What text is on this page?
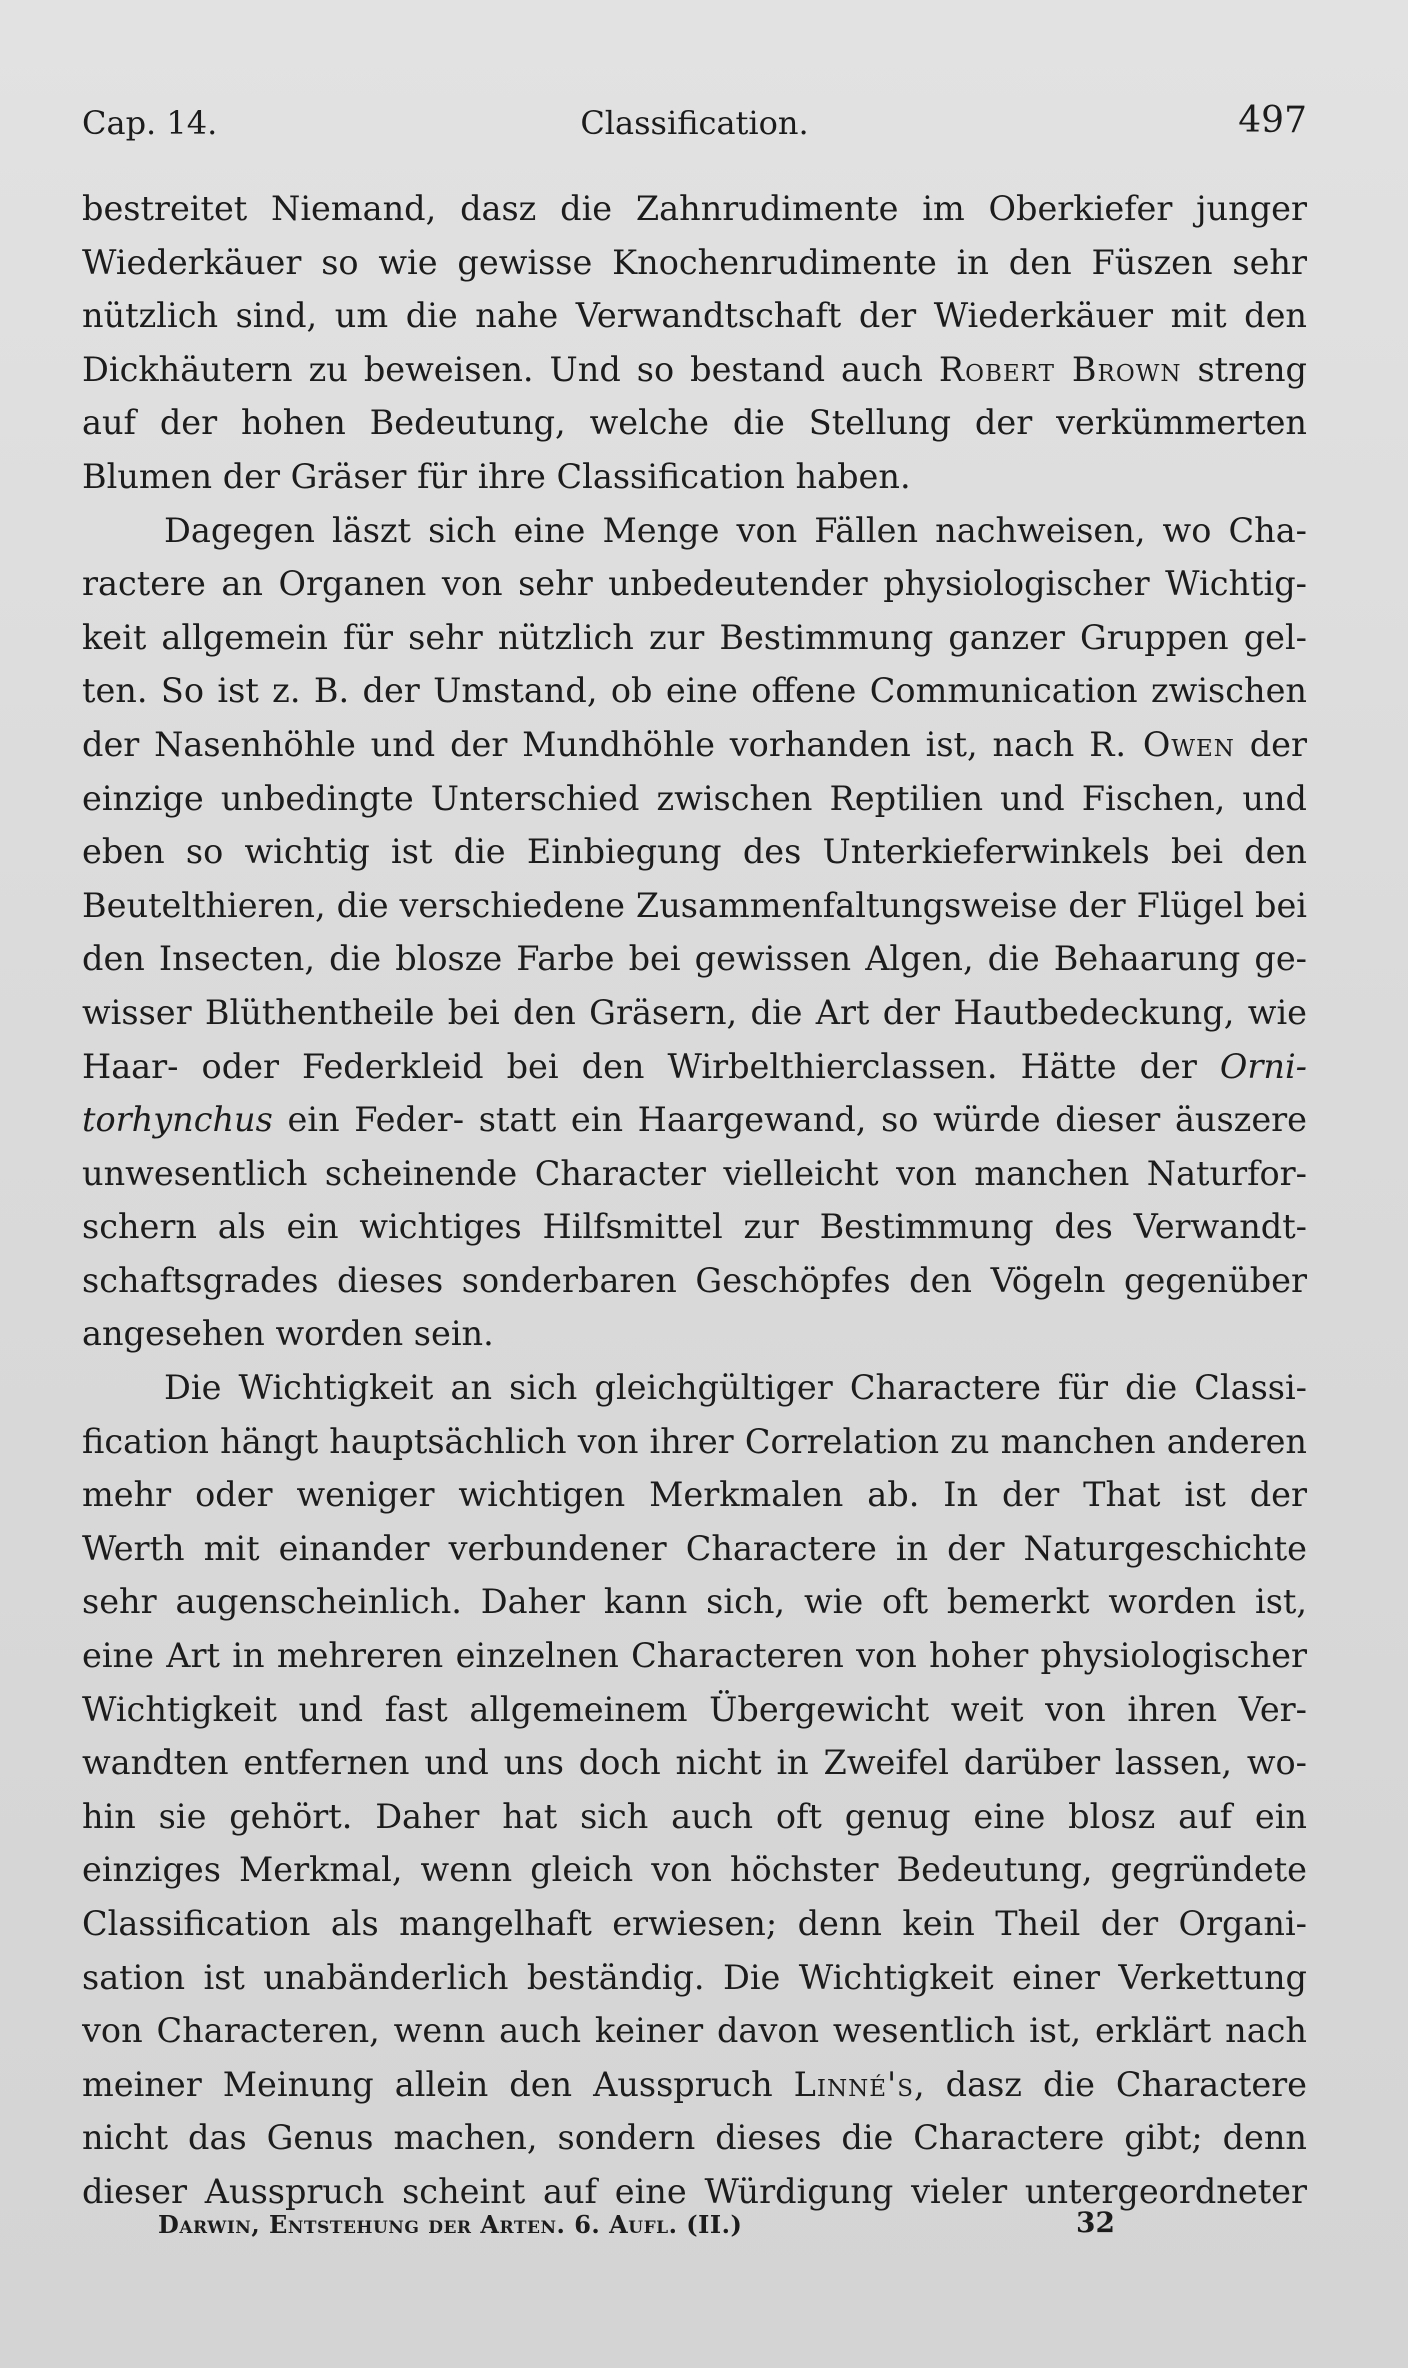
Cap. 14.	Classification.	497
bestreitet Niemand, dasz die Zahnrudimente im Oberkiefer junger
Wiederkäuer so wie gewisse Knochenrudimente in den Füszen sehr
nützlich sind, um die nahe Verwandtschaft der Wiederkäuer mit den
Dickhäutern zu beweisen. Und so bestand auch Robert Brown streng
auf der hohen Bedeutung, welche die Stellung der verkümmerten
Blumen der Gräser für ihre Classification haben.
Dagegen läszt sich eine Menge von Fällen nachweisen, wo Cha-
ractere an Organen von sehr unbedeutender physiologischer Wichtig-
keit allgemein für sehr nützlich zur Bestimmung ganzer Gruppen gel-
ten. So ist z. B. der Umstand, ob eine offene Communication zwischen
der Nasenhöhle und der Mundhöhle vorhanden ist, nach R. Owen der
einzige unbedingte Unterschied zwischen Reptilien und Fischen, und
eben so wichtig ist die Einbiegung des Unterkieferwinkels bei den
Beutelthieren, die verschiedene Zusammenfaltungsweise der Flügel bei
den Insecten, die blosze Farbe bei gewissen Algen, die Behaarung ge-
wisser Blüthentheile bei den Gräsern, die Art der Hautbedeckung, wie
Haar- oder Federkleid bei den Wirbelthierclassen. Hätte der Orni-
torhynchus ein Feder- statt ein Haargewand, so würde dieser äuszere
unwesentlich scheinende Character vielleicht von manchen Naturfor-
schern als ein wichtiges Hilfsmittel zur Bestimmung des Verwandt-
schaftsgrades dieses sonderbaren Geschöpfes den Vögeln gegenüber
angesehen worden sein.
Die Wichtigkeit an sich gleichgültiger Charactere für die Classi-
fication hängt hauptsächlich von ihrer Correlation zu manchen anderen
mehr oder weniger wichtigen Merkmalen ab. In der That ist der
Werth mit einander verbundener Charactere in der Naturgeschichte
sehr augenscheinlich. Daher kann sich, wie oft bemerkt worden ist,
eine Art in mehreren einzelnen Characteren von hoher physiologischer
Wichtigkeit und fast allgemeinem Übergewicht weit von ihren Ver-
wandten entfernen und uns doch nicht in Zweifel darüber lassen, wo-
hin sie gehört. Daher hat sich auch oft genug eine blosz auf ein
einziges Merkmal, wenn gleich von höchster Bedeutung, gegründete
Classification als mangelhaft erwiesen; denn kein Theil der Organi-
sation ist unabänderlich beständig. Die Wichtigkeit einer Verkettung
von Characteren, wenn auch keiner davon wesentlich ist, erklärt nach
meiner Meinung allein den Ausspruch Linné's, dasz die Charactere
nicht das Genus machen, sondern dieses die Charactere gibt; denn
dieser Ausspruch scheint auf eine Würdigung vieler untergeordneter
Darwin, Entstehung der Arten. 6. Aufl. (II.)	32
